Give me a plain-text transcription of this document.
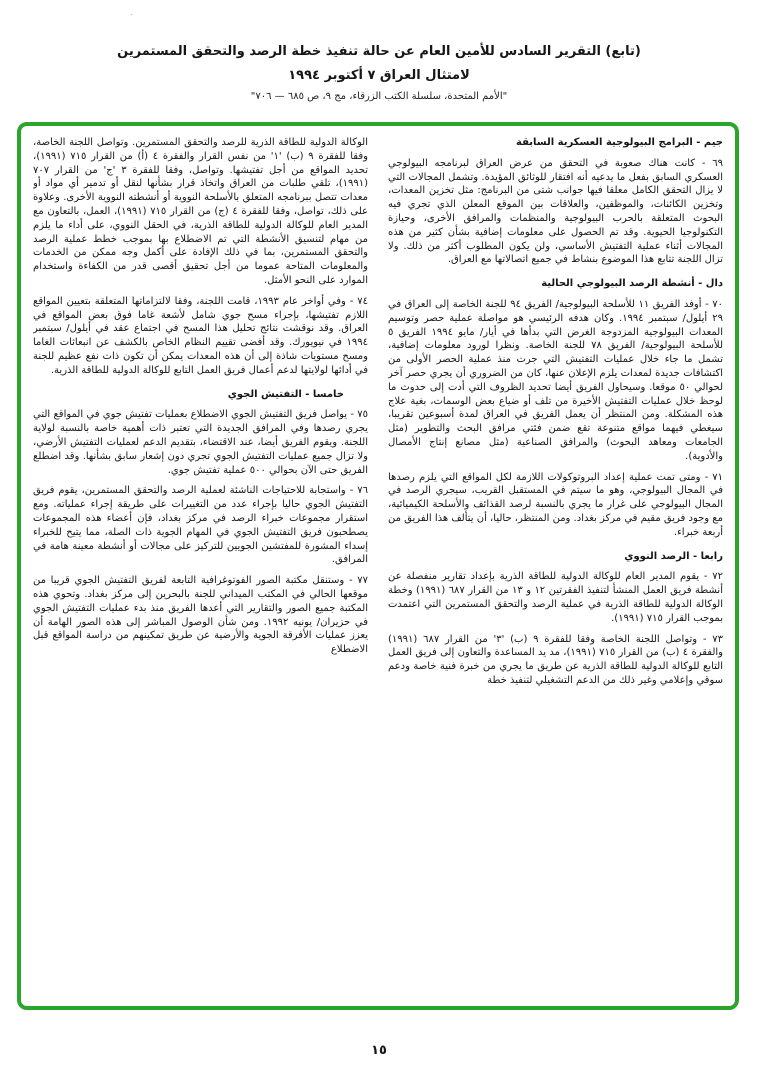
.
(تابع) التقرير السادس للأمين العام عن حالة تنفيذ خطة الرصد والتحقق المستمرين
لامتثال العراق ٧ أكتوبر ١٩٩٤
"الأمم المتحدة، سلسلة الكتب الزرقاء، مج ٩، ص ٦٨٥ — ٧٠٦"
جيم - البرامج البيولوجية العسكرية السابقة
٦٩ - كانت هناك صعوبة في التحقق من عرض العراق لبرنامجه البيولوجي العسكري السابق بفعل ما يدعيه أنه افتقار للوثائق المؤيدة. وتشمل المجالات التي لا يزال التحقق الكامل معلقا فيها جوانب شتى من البرنامج: مثل تخزين المعدات، وتخزين الكائنات، والموظفين، والعلاقات بين الموقع المعلن الذي تجري فيه البحوث المتعلقة بالحرب البيولوجية والمنظمات والمرافق الأخرى، وحيازة التكنولوجيا الحيوية. وقد تم الحصول على معلومات إضافية بشأن كثير من هذه المجالات أثناء عملية التفتيش الأساسي، ولن يكون المطلوب أكثر من ذلك. ولا تزال اللجنة تتابع هذا الموضوع بنشاط في جميع اتصالاتها مع العراق.
دال - أنشطة الرصد البيولوجي الحالية
٧٠ - أوفد الفريق ١١ للأسلحة البيولوجية/ الفريق ٩٤ للجنة الخاصة إلى العراق في ٢٩ أيلول/ سبتمبر ١٩٩٤. وكان هدفه الرئيسي هو مواصلة عملية حصر وتوسيم المعدات البيولوجية المزدوجة الغرض التي بدأها في أيار/ مايو ١٩٩٤ الفريق ٥ للأسلحة البيولوجية/ الفريق ٧٨ للجنة الخاصة. ونظرا لورود معلومات إضافية، تشمل ما جاء خلال عمليات التفتيش التي جرت منذ عملية الحصر الأولى من اكتشافات جديدة لمعدات يلزم الإعلان عنها، كان من الضروري أن يجري حصر آخر لحوالي ٥٠ موقعا. وسيحاول الفريق أيضا تحديد الظروف التي أدت إلى حدوث ما لوحظ خلال عمليات التفتيش الأخيرة من تلف أو ضياع بعض الوسمات، بغية علاج هذه المشكلة. ومن المنتظر أن يعمل الفريق في العراق لمدة أسبوعين تقريبا، سيغطي فيهما مواقع متنوعة تقع ضمن فئتي مرافق البحث والتطوير (مثل الجامعات ومعاهد البحوث) والمرافق الصناعية (مثل مصانع إنتاج الأمصال والأدوية).
٧١ - ومتى تمت عملية إعداد البروتوكولات اللازمة لكل المواقع التي يلزم رصدها في المجال البيولوجي، وهو ما سيتم في المستقبل القريب، سيجري الرصد في المجال البيولوجي على غرار ما يجري بالنسبة لرصد القذائف والأسلحة الكيميائية، مع وجود فريق مقيم في مركز بغداد. ومن المنتظر، حاليا، أن يتألف هذا الفريق من أربعة خبراء.
رابعا - الرصد النووي
٧٢ - يقوم المدير العام للوكالة الدولية للطاقة الذرية بإعداد تقارير منفصلة عن أنشطة فريق العمل المنشأ لتنفيذ الفقرتين ١٢ و ١٣ من القرار ٦٨٧ (١٩٩١) وخطة الوكالة الدولية للطاقة الذرية في عملية الرصد والتحقق المستمرين التي اعتمدت بموجب القرار ٧١٥ (١٩٩١).
٧٣ - وتواصل اللجنة الخاصة وفقا للفقرة ٩ (ب) '٣' من القرار ٦٨٧ (١٩٩١) والفقرة ٤ (ب) من القرار ٧١٥ (١٩٩١)، مد يد المساعدة والتعاون إلى فريق العمل التابع للوكالة الدولية للطاقة الذرية عن طريق ما يجري من خبرة فنية خاصة ودعم سوقي وإعلامي وغير ذلك من الدعم التشغيلي لتنفيذ خطة
الوكالة الدولية للطاقة الذرية للرصد والتحقق المستمرين. وتواصل اللجنة الخاصة، وفقا للفقرة ٩ (ب) '١' من نفس القرار والفقرة ٤ (أ) من القرار ٧١٥ (١٩٩١)، تحديد المواقع من أجل تفتيشها. وتواصل، وفقا للفقرة ٣ 'ج' من القرار ٧٠٧ (١٩٩١)، تلقي طلبات من العراق واتخاذ قرار بشأنها لنقل أو تدمير أي مواد أو معدات تتصل ببرنامجه المتعلق بالأسلحة النووية أو أنشطته النووية الأخرى. وعلاوة على ذلك، تواصل، وفقا للفقرة ٤ (ج) من القرار ٧١٥ (١٩٩١)، العمل، بالتعاون مع المدير العام للوكالة الدولية للطاقة الذرية، في الحقل النووي، على أداء ما يلزم من مهام لتنسيق الأنشطة التي تم الاضطلاع بها بموجب خطط عملية الرصد والتحقق المستمرين، بما في ذلك الإفادة على أكمل وجه ممكن من الخدمات والمعلومات المتاحة عموما من أجل تحقيق أقصى قدر من الكفاءة واستخدام الموارد على النحو الأمثل.
٧٤ - وفي أواخر عام ١٩٩٣، قامت اللجنة، وفقا لالتزاماتها المتعلقة بتعيين المواقع اللازم تفتيشها، بإجراء مسح جوي شامل لأشعة غاما فوق بعض المواقع في العراق. وقد نوقشت نتائج تحليل هذا المسح في اجتماع عقد في أيلول/ سبتمبر ١٩٩٤ في نيويورك. وقد أفضى تقييم النظام الخاص بالكشف عن انبعاثات الغاما ومسح مستويات شاذة إلى أن هذه المعدات يمكن أن تكون ذات نفع عظيم للجنة في أدائها لولايتها لدعم أعمال فريق العمل التابع للوكالة الدولية للطاقة الذرية.
خامسا - التفتيش الجوي
٧٥ - يواصل فريق التفتيش الجوي الاضطلاع بعمليات تفتيش جوي في المواقع التي يجري رصدها وفي المرافق الجديدة التي تعتبر ذات أهمية خاصة بالنسبة لولاية اللجنة. ويقوم الفريق أيضا، عند الاقتضاء، بتقديم الدعم لعمليات التفتيش الأرضي، ولا تزال جميع عمليات التفتيش الجوي تجري دون إشعار سابق بشأنها. وقد اضطلع الفريق حتى الآن بحوالي ٥٠٠ عملية تفتيش جوي.
٧٦ - واستجابة للاحتياجات الناشئة لعملية الرصد والتحقق المستمرين، يقوم فريق التفتيش الجوي حاليا بإجراء عدد من التغييرات على طريقة إجراء عملياته. ومع استقرار مجموعات خبراء الرصد في مركز بغداد، فإن أعضاء هذه المجموعات يصطحبون فريق التفتيش الجوي في المهام الجوية ذات الصلة، مما يتيح للخبراء إسداء المشورة للمفتشين الجويين للتركيز على مجالات أو أنشطة معينة هامة في المرافق.
٧٧ - وستنقل مكتبة الصور الفوتوغرافية التابعة لفريق التفتيش الجوي قريبا من موقعها الحالي في المكتب الميداني للجنة بالبحرين إلى مركز بغداد. وتحوي هذه المكتبة جميع الصور والتقارير التي أعدها الفريق منذ بدء عمليات التفتيش الجوي في حزيران/ يونيه ١٩٩٢. ومن شأن الوصول المباشر إلى هذه الصور الهامة أن يعزز عمليات الأفرقة الجوية والأرضية عن طريق تمكينهم من دراسة المواقع قبل الاضطلاع
١٥
